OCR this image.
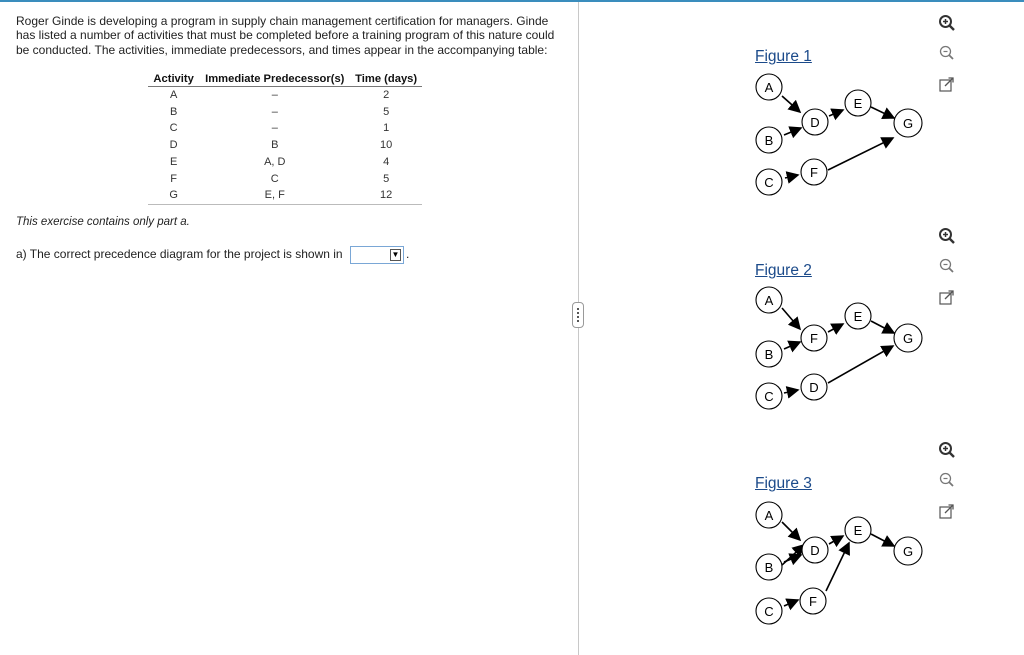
Roger Ginde is developing a program in supply chain management certification for managers. Ginde has listed a number of activities that must be completed before a training program of this nature could be conducted. The activities, immediate predecessors, and times appear in the accompanying table:

Activity	Immediate Predecessor(s)	Time (days)
A	–	2
B	–	5
C	–	1
D	B	10
E	A, D	4
F	C	5
G	E, F	12

This exercise contains only part a.

a) The correct precedence diagram for the project is shown in	▼ .
A
B
C
D
E
F
G
Figure 1
A
B
C
F
E
D
G
Figure 2
A
B
C
D
E
F
G
Figure 3
